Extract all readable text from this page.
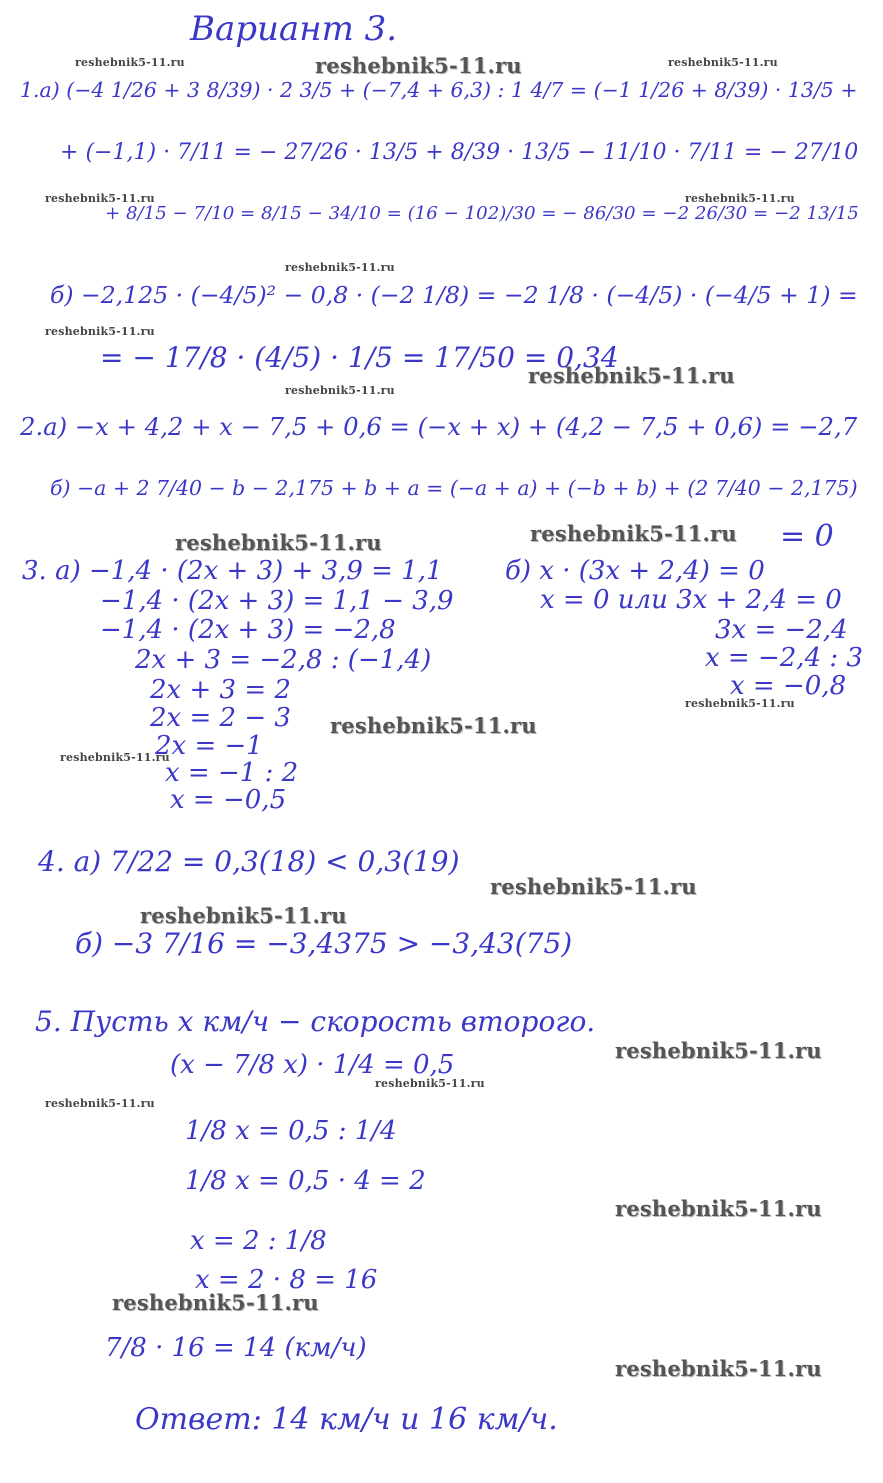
Вариант 3.
1.а) (−4 1/26 + 3 8/39) · 2 3/5 + (−7,4 + 6,3) : 1 4/7 = (−1 1/26 + 8/39) · 13/5 +
+ (−1,1) · 7/11 = − 27/26 · 13/5 + 8/39 · 13/5 − 11/10 · 7/11 = − 27/10
+ 8/15 − 7/10 = 8/15 − 34/10 = (16 − 102)/30 = − 86/30 = −2 26/30 = −2 13/15
б) −2,125 · (−4/5)² − 0,8 · (−2 1/8) = −2 1/8 · (−4/5) · (−4/5 + 1) =
= − 17/8 · (4/5) · 1/5 = 17/50 = 0,34
2.а) −x + 4,2 + x − 7,5 + 0,6 = (−x + x) + (4,2 − 7,5 + 0,6) = −2,7
б) −a + 2 7/40 − b − 2,175 + b + a = (−a + a) + (−b + b) + (2 7/40 − 2,175)
= 0
3. а) −1,4 · (2x + 3) + 3,9 = 1,1
−1,4 · (2x + 3) = 1,1 − 3,9
−1,4 · (2x + 3) = −2,8
2x + 3 = −2,8 : (−1,4)
2x + 3 = 2
2x = 2 − 3
2x = −1
x = −1 : 2
x = −0,5
б) x · (3x + 2,4) = 0
x = 0 или 3x + 2,4 = 0
3x = −2,4
x = −2,4 : 3
x = −0,8
4. а) 7/22 = 0,3(18) < 0,3(19)
б) −3 7/16 = −3,4375 > −3,43(75)
5. Пусть x км/ч − скорость второго.
(x − 7/8 x) · 1/4 = 0,5
1/8 x = 0,5 : 1/4
1/8 x = 0,5 · 4 = 2
x = 2 : 1/8
x = 2 · 8 = 16
7/8 · 16 = 14 (км/ч)
Ответ: 14 км/ч и 16 км/ч.
reshebnik5-11.ru	reshebnik5-11.ru	reshebnik5-11.ru
reshebnik5-11.ru	reshebnik5-11.ru
reshebnik5-11.ru
reshebnik5-11.ru
reshebnik5-11.ru
reshebnik5-11.ru
reshebnik5-11.ru
reshebnik5-11.ru
reshebnik5-11.ru
reshebnik5-11.ru
reshebnik5-11.ru
reshebnik5-11.ru
reshebnik5-11.ru
reshebnik5-11.ru
reshebnik5-11.ru
reshebnik5-11.ru
reshebnik5-11.ru
reshebnik5-11.ru
reshebnik5-11.ru
